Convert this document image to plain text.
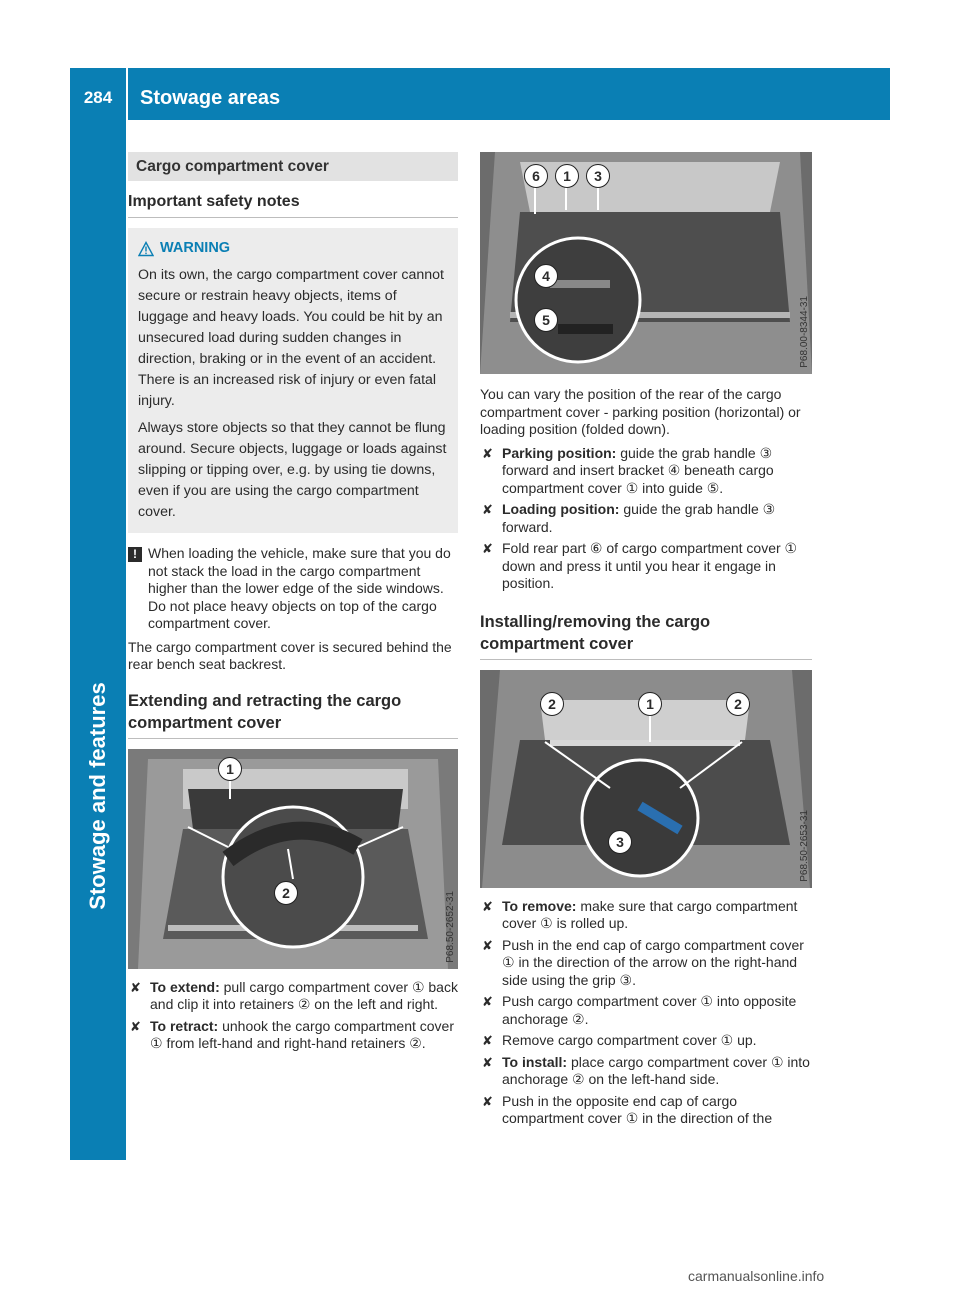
284	Stowage areas
Stowage and features
Cargo compartment cover
Important safety notes
WARNING

On its own, the cargo compartment cover cannot secure or restrain heavy objects, items of luggage and heavy loads. You could be hit by an unsecured load during sudden changes in direction, braking or in the event of an accident. There is an increased risk of injury or even fatal injury.

Always store objects so that they cannot be flung around. Secure objects, luggage or loads against slipping or tipping over, e.g. by using tie downs, even if you are using the cargo compartment cover.

! When loading the vehicle, make sure that you do not stack the load in the cargo compartment higher than the lower edge of the side windows. Do not place heavy objects on top of the cargo compartment cover.

The cargo compartment cover is secured behind the rear bench seat backrest.

Extending and retracting the cargo compartment cover
1
2	P68.50-2652-31
✘ To extend: pull cargo compartment cover ① back and clip it into retainers ② on the left and right.
✘ To retract: unhook the cargo compartment cover ① from left-hand and right-hand retainers ②.
6	1	3
4
5	P68.00-8344-31

You can vary the position of the rear of the cargo compartment cover - parking position (horizontal) or loading position (folded down).

✘ Parking position: guide the grab handle ③ forward and insert bracket ④ beneath cargo compartment cover ① into guide ⑤.
✘ Loading position: guide the grab handle ③ forward.
✘ Fold rear part ⑥ of cargo compartment cover ① down and press it until you hear it engage in position.
Installing/removing the cargo compartment cover
2	1	2
3	P68.50-2653-31
✘ To remove: make sure that cargo compartment cover ① is rolled up.
✘ Push in the end cap of cargo compartment cover ① in the direction of the arrow on the right-hand side using the grip ③.
✘ Push cargo compartment cover ① into opposite anchorage ②.
✘ Remove cargo compartment cover ① up.
✘ To install: place cargo compartment cover ① into anchorage ② on the left-hand side.
✘ Push in the opposite end cap of cargo compartment cover ① in the direction of the
carmanualsonline.info
